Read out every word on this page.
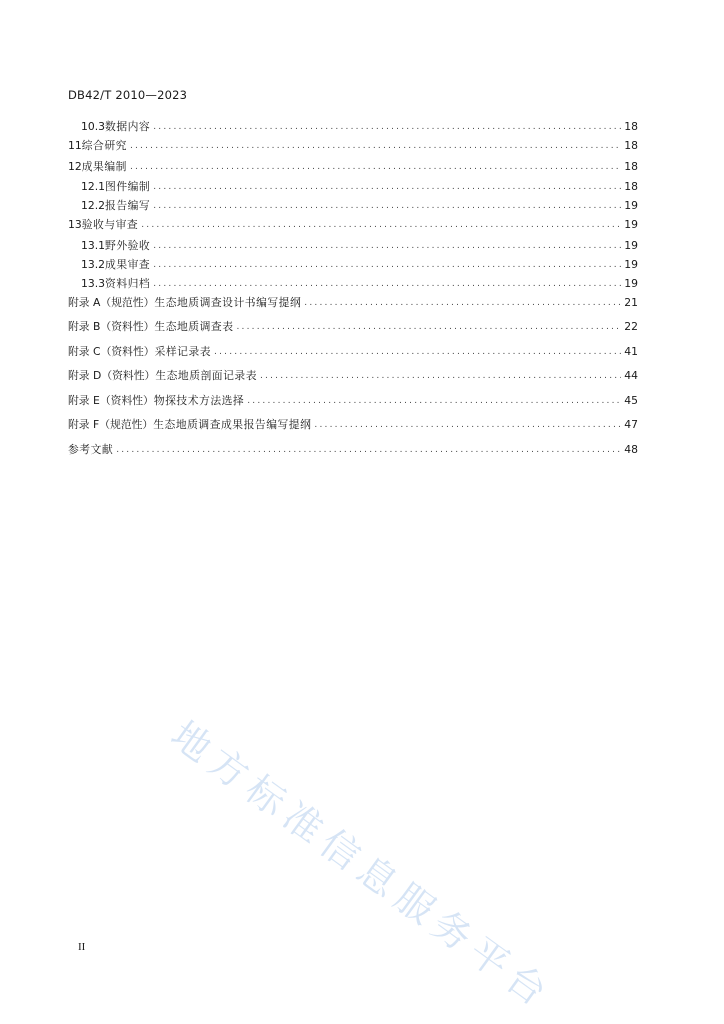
DB42/T 2010—2023
10.3 数据内容 .....	18
11 综合研究 .....	18
12 成果编制 .....	18
12.1 图件编制 .....	18
12.2 报告编写 .....	19
13 验收与审查 .....	19
13.1 野外验收 .....	19
13.2 成果审查 .....	19
13.3 资料归档 .....	19
附录 A（规范性） 生态地质调查设计书编写提纲 .....	21
附录 B（资料性） 生态地质调查表 .....	22
附录 C（资料性） 采样记录表 .....	41
附录 D（资料性） 生态地质剖面记录表 .....	44
附录 E（资料性） 物探技术方法选择 .....	45
附录 F（规范性） 生态地质调查成果报告编写提纲 .....	47
参考文献 .....	48
地方标准信息服务平台
II
